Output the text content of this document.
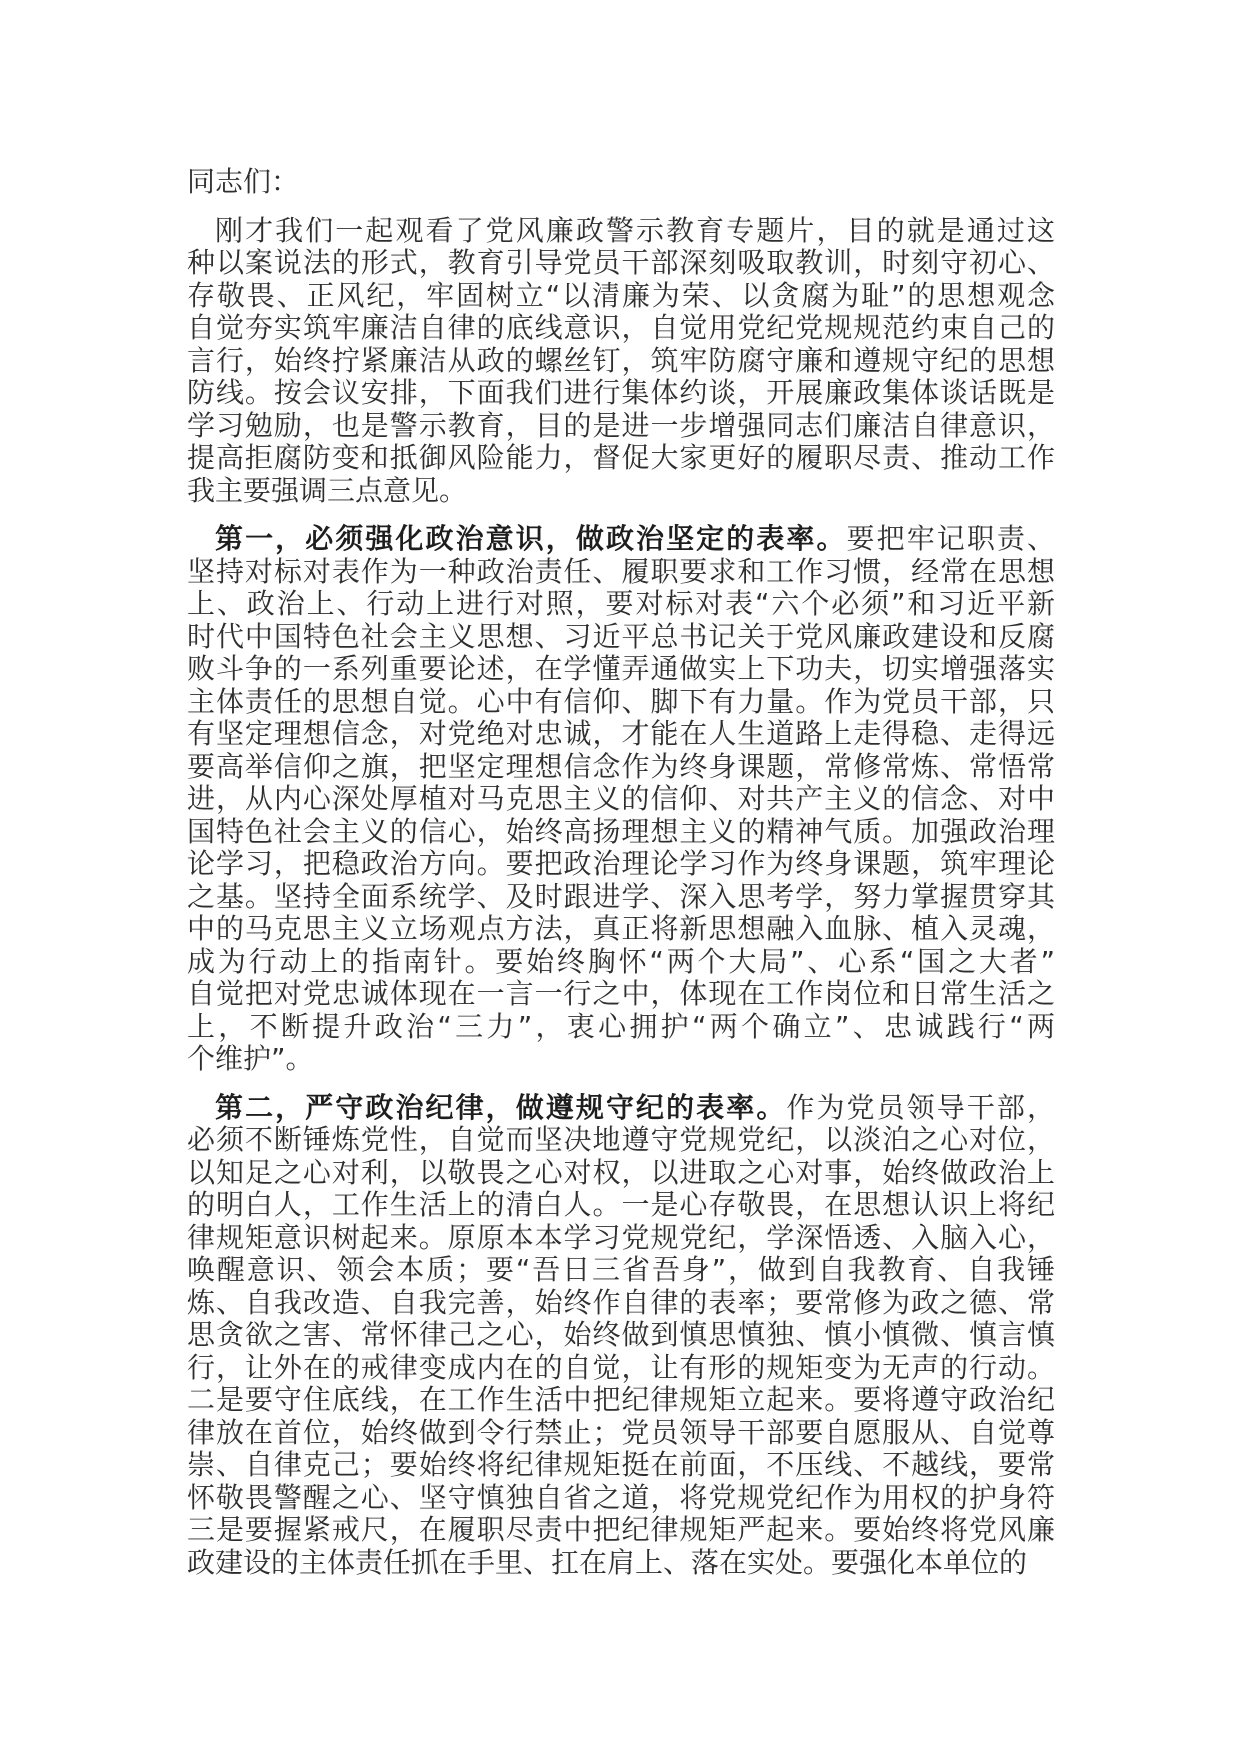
同志们：
刚才我们一起观看了党风廉政警示教育专题片，目的就是通过这
种以案说法的形式，教育引导党员干部深刻吸取教训，时刻守初心、
存敬畏、正风纪，牢固树立“以清廉为荣、以贪腐为耻”的思想观念
自觉夯实筑牢廉洁自律的底线意识，自觉用党纪党规规范约束自己的
言行，始终拧紧廉洁从政的螺丝钉，筑牢防腐守廉和遵规守纪的思想
防线。按会议安排，下面我们进行集体约谈，开展廉政集体谈话既是
学习勉励，也是警示教育，目的是进一步增强同志们廉洁自律意识，
提高拒腐防变和抵御风险能力，督促大家更好的履职尽责、推动工作
我主要强调三点意见。
第一，必须强化政治意识，做政治坚定的表率。要把牢记职责、
坚持对标对表作为一种政治责任、履职要求和工作习惯，经常在思想
上、政治上、行动上进行对照，要对标对表“六个必须”和习近平新
时代中国特色社会主义思想、习近平总书记关于党风廉政建设和反腐
败斗争的一系列重要论述，在学懂弄通做实上下功夫，切实增强落实
主体责任的思想自觉。心中有信仰、脚下有力量。作为党员干部，只
有坚定理想信念，对党绝对忠诚，才能在人生道路上走得稳、走得远
要高举信仰之旗，把坚定理想信念作为终身课题，常修常炼、常悟常
进，从内心深处厚植对马克思主义的信仰、对共产主义的信念、对中
国特色社会主义的信心，始终高扬理想主义的精神气质。加强政治理
论学习，把稳政治方向。要把政治理论学习作为终身课题，筑牢理论
之基。坚持全面系统学、及时跟进学、深入思考学，努力掌握贯穿其
中的马克思主义立场观点方法，真正将新思想融入血脉、植入灵魂，
成为行动上的指南针。要始终胸怀“两个大局”、心系“国之大者”
自觉把对党忠诚体现在一言一行之中，体现在工作岗位和日常生活之
上，不断提升政治“三力”，衷心拥护“两个确立”、忠诚践行“两
个维护”。
第二，严守政治纪律，做遵规守纪的表率。作为党员领导干部，
必须不断锤炼党性，自觉而坚决地遵守党规党纪，以淡泊之心对位，
以知足之心对利，以敬畏之心对权，以进取之心对事，始终做政治上
的明白人，工作生活上的清白人。一是心存敬畏，在思想认识上将纪
律规矩意识树起来。原原本本学习党规党纪，学深悟透、入脑入心，
唤醒意识、领会本质；要“吾日三省吾身”，做到自我教育、自我锤
炼、自我改造、自我完善，始终作自律的表率；要常修为政之德、常
思贪欲之害、常怀律己之心，始终做到慎思慎独、慎小慎微、慎言慎
行，让外在的戒律变成内在的自觉，让有形的规矩变为无声的行动。
二是要守住底线，在工作生活中把纪律规矩立起来。要将遵守政治纪
律放在首位，始终做到令行禁止；党员领导干部要自愿服从、自觉尊
崇、自律克己；要始终将纪律规矩挺在前面，不压线、不越线，要常
怀敬畏警醒之心、坚守慎独自省之道，将党规党纪作为用权的护身符
三是要握紧戒尺，在履职尽责中把纪律规矩严起来。要始终将党风廉
政建设的主体责任抓在手里、扛在肩上、落在实处。要强化本单位的
